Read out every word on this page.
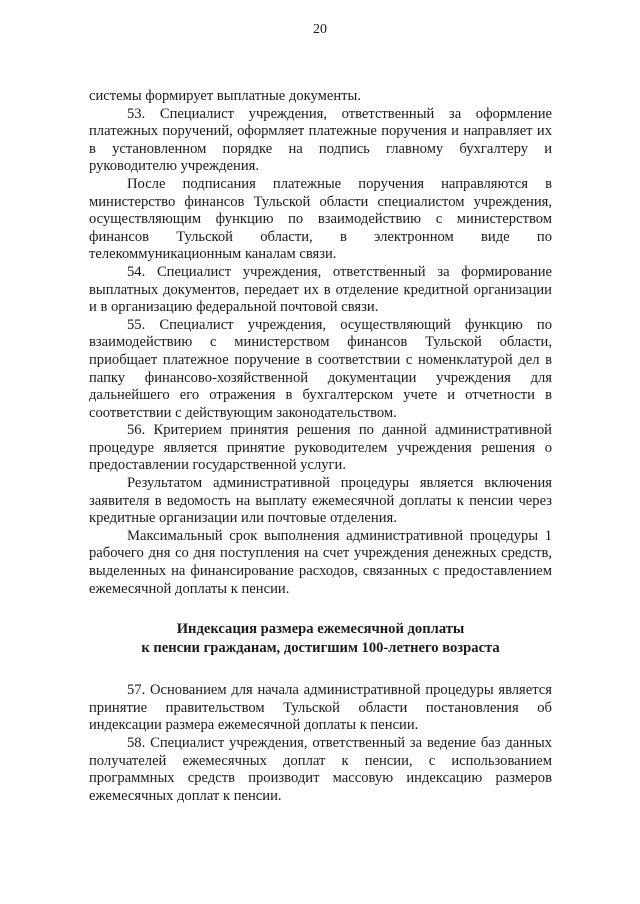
20

системы формирует выплатные документы.

53. Специалист учреждения, ответственный за оформление платежных поручений, оформляет платежные поручения и направляет их в установленном порядке на подпись главному бухгалтеру и руководителю учреждения.

После подписания платежные поручения направляются в министерство финансов Тульской области специалистом учреждения, осуществляющим функцию по взаимодействию с министерством финансов Тульской области, в электронном виде по телекоммуникационным каналам связи.

54. Специалист учреждения, ответственный за формирование выплатных документов, передает их в отделение кредитной организации и в организацию федеральной почтовой связи.

55. Специалист учреждения, осуществляющий функцию по взаимодействию с министерством финансов Тульской области, приобщает платежное поручение в соответствии с номенклатурой дел в папку финансово-хозяйственной документации учреждения для дальнейшего его отражения в бухгалтерском учете и отчетности в соответствии с действующим законодательством.

56. Критерием принятия решения по данной административной процедуре является принятие руководителем учреждения решения о предоставлении государственной услуги.

Результатом административной процедуры является включения заявителя в ведомость на выплату ежемесячной доплаты к пенсии через кредитные организации или почтовые отделения.

Максимальный срок выполнения административной процедуры 1 рабочего дня со дня поступления на счет учреждения денежных средств, выделенных на финансирование расходов, связанных с предоставлением ежемесячной доплаты к пенсии.

Индексация размера ежемесячной доплаты

к пенсии гражданам, достигшим 100-летнего возраста

57. Основанием для начала административной процедуры является принятие правительством Тульской области постановления об индексации размера ежемесячной доплаты к пенсии.

58. Специалист учреждения, ответственный за ведение баз данных получателей ежемесячных доплат к пенсии, с использованием программных средств производит массовую индексацию размеров ежемесячных доплат к пенсии.
